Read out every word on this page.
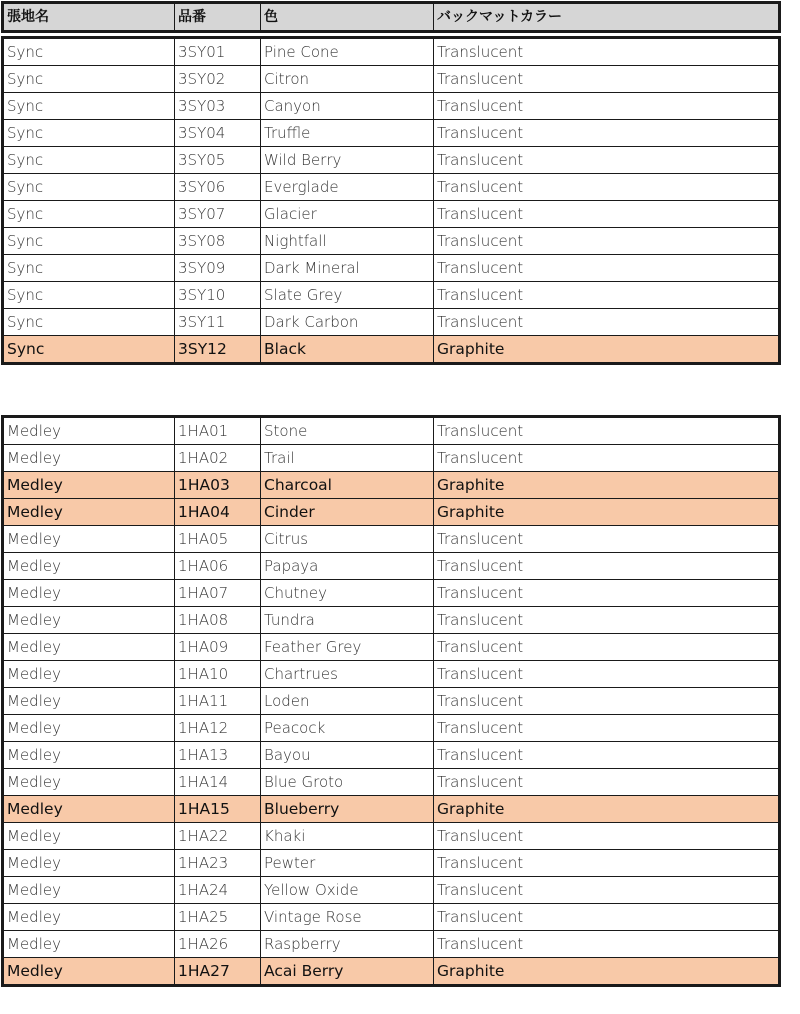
張地名	品番	色	バックマットカラー
Sync	3SY01	Pine Cone	Translucent
Sync	3SY02	Citron	Translucent
Sync	3SY03	Canyon	Translucent
Sync	3SY04	Truffle	Translucent
Sync	3SY05	Wild Berry	Translucent
Sync	3SY06	Everglade	Translucent
Sync	3SY07	Glacier	Translucent
Sync	3SY08	Nightfall	Translucent
Sync	3SY09	Dark Mineral	Translucent
Sync	3SY10	Slate Grey	Translucent
Sync	3SY11	Dark Carbon	Translucent
Sync	3SY12	Black	Graphite
Medley	1HA01	Stone	Translucent
Medley	1HA02	Trail	Translucent
Medley	1HA03	Charcoal	Graphite
Medley	1HA04	Cinder	Graphite
Medley	1HA05	Citrus	Translucent
Medley	1HA06	Papaya	Translucent
Medley	1HA07	Chutney	Translucent
Medley	1HA08	Tundra	Translucent
Medley	1HA09	Feather Grey	Translucent
Medley	1HA10	Chartrues	Translucent
Medley	1HA11	Loden	Translucent
Medley	1HA12	Peacock	Translucent
Medley	1HA13	Bayou	Translucent
Medley	1HA14	Blue Groto	Translucent
Medley	1HA15	Blueberry	Graphite
Medley	1HA22	Khaki	Translucent
Medley	1HA23	Pewter	Translucent
Medley	1HA24	Yellow Oxide	Translucent
Medley	1HA25	Vintage Rose	Translucent
Medley	1HA26	Raspberry	Translucent
Medley	1HA27	Acai Berry	Graphite
